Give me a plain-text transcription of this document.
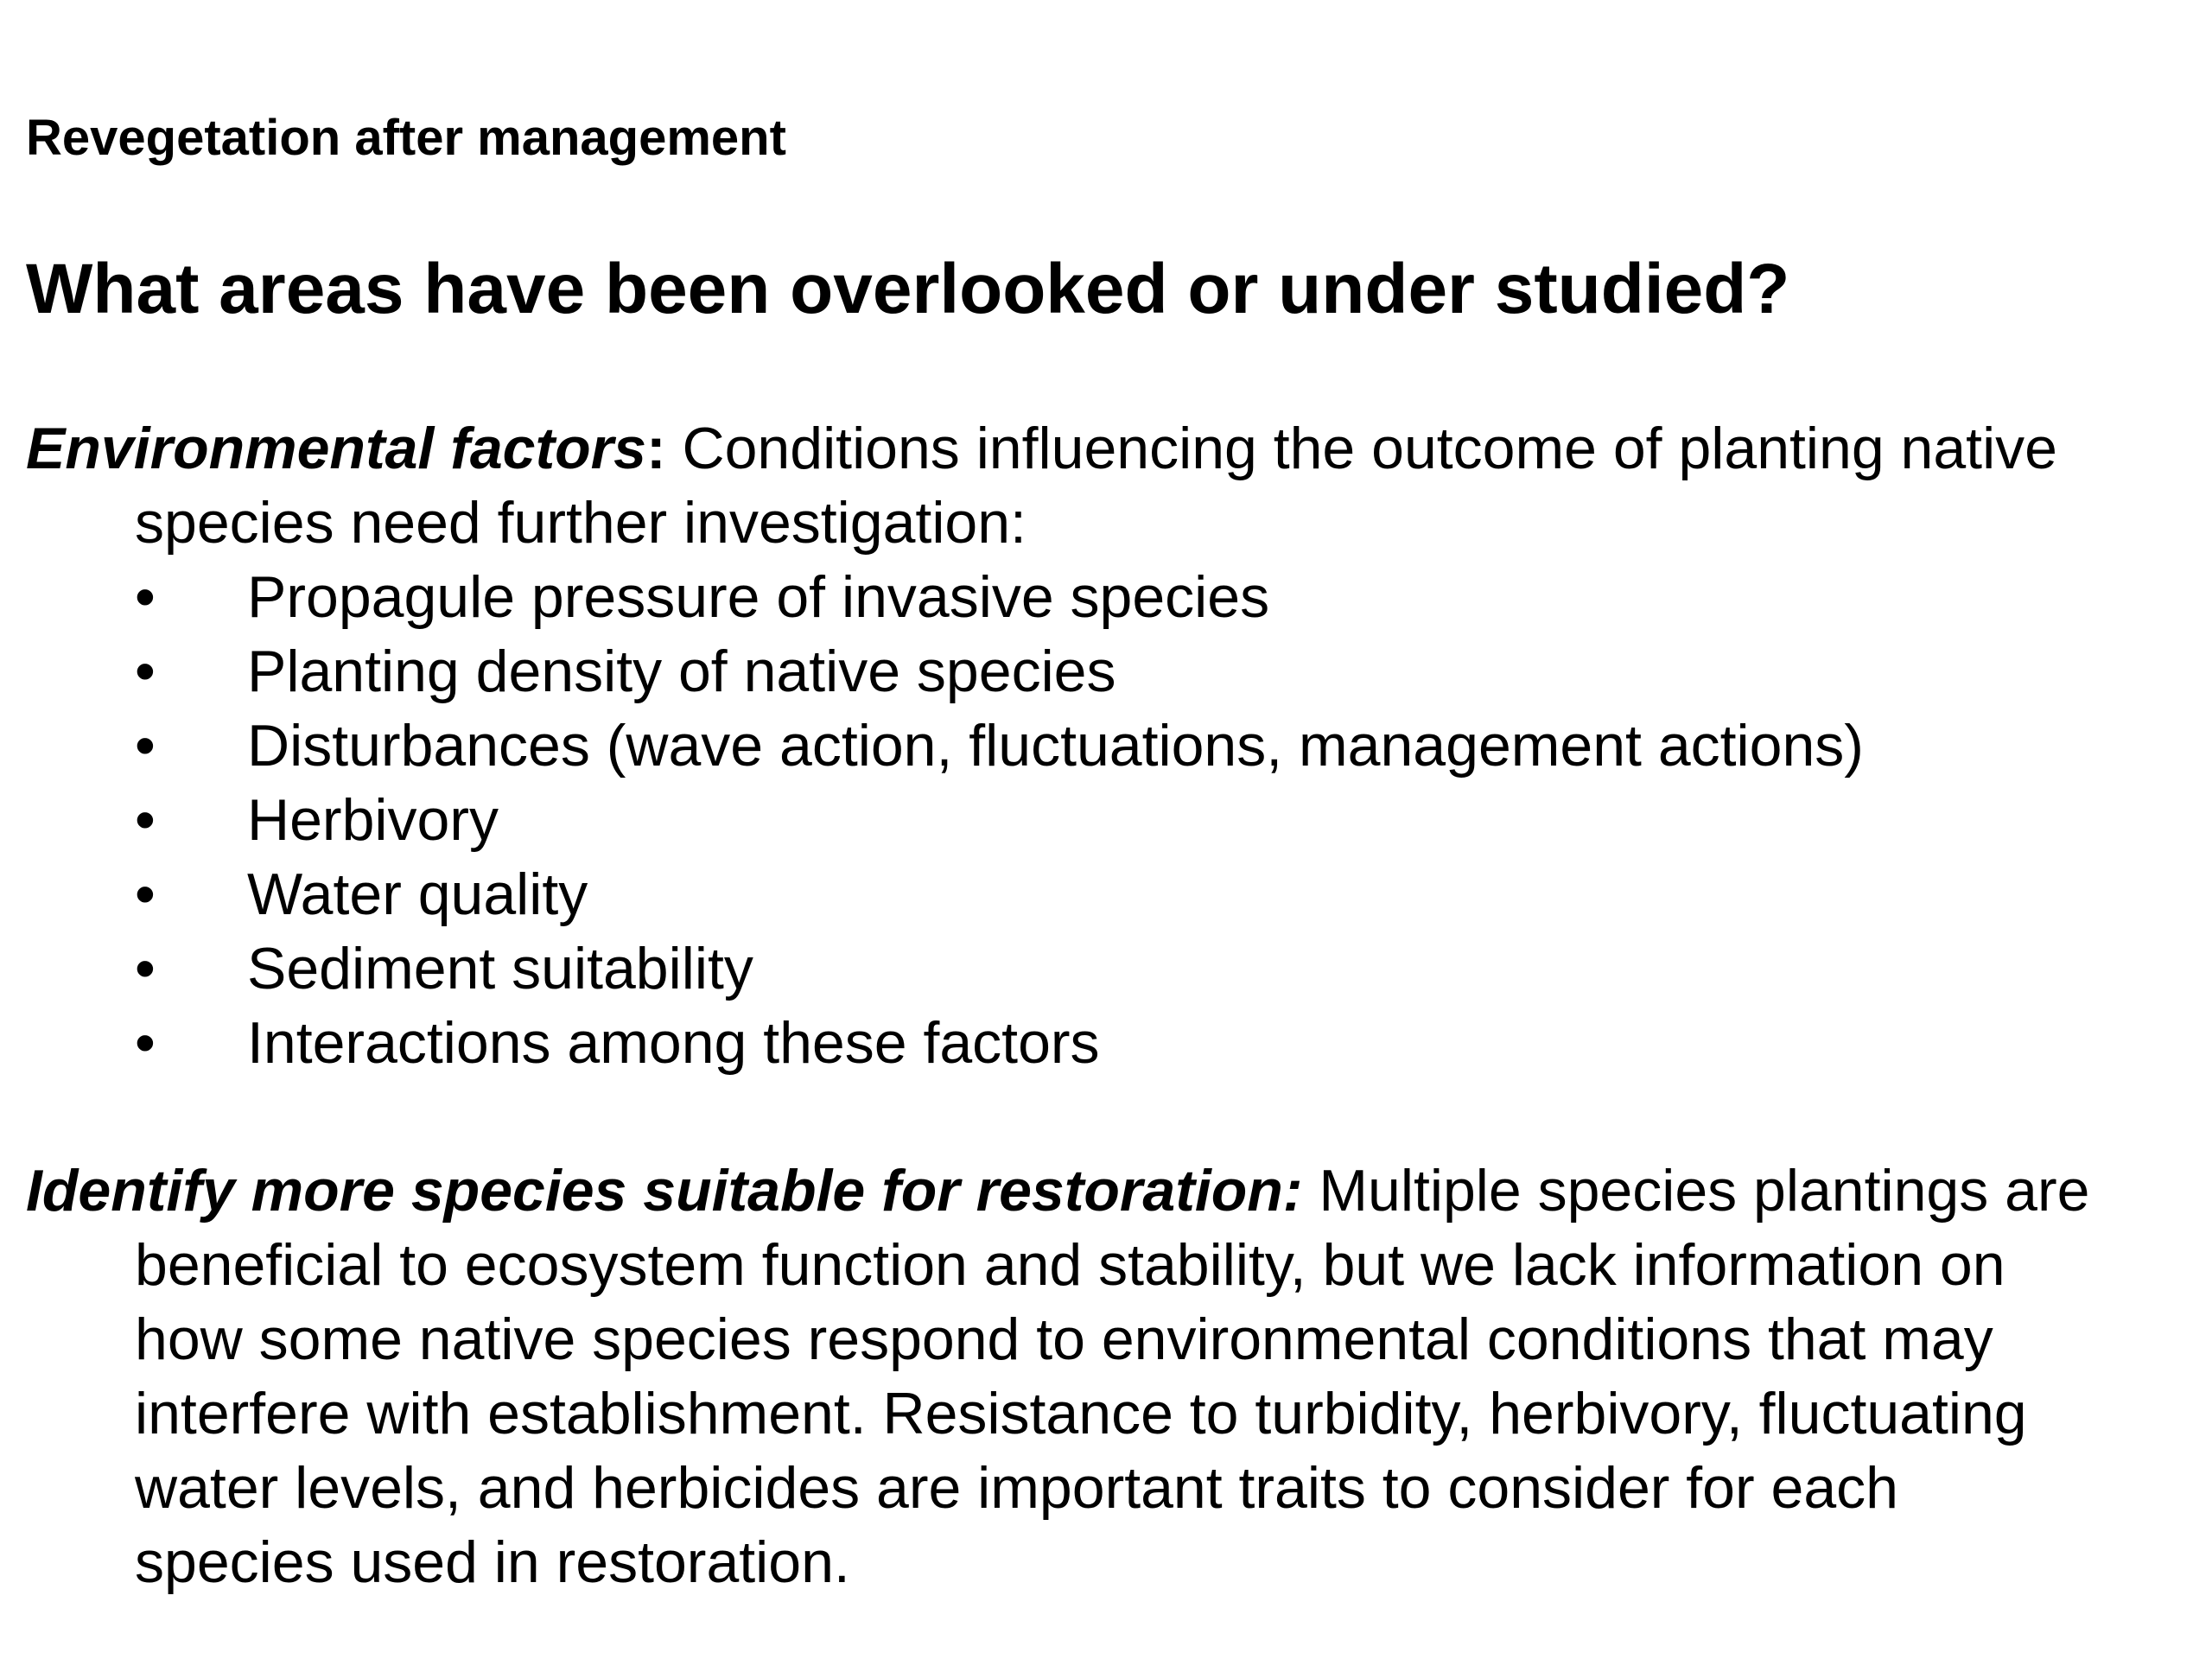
Revegetation after management
What areas have been overlooked or under studied?
Environmental factors: Conditions influencing the outcome of planting native
species need further investigation:
• Propagule pressure of invasive species
• Planting density of native species
• Disturbances (wave action, fluctuations, management actions)
• Herbivory
• Water quality
• Sediment suitability
• Interactions among these factors
Identify more species suitable for restoration: Multiple species plantings are
beneficial to ecosystem function and stability, but we lack information on
how some native species respond to environmental conditions that may
interfere with establishment. Resistance to turbidity, herbivory, fluctuating
water levels, and herbicides are important traits to consider for each
species used in restoration.
